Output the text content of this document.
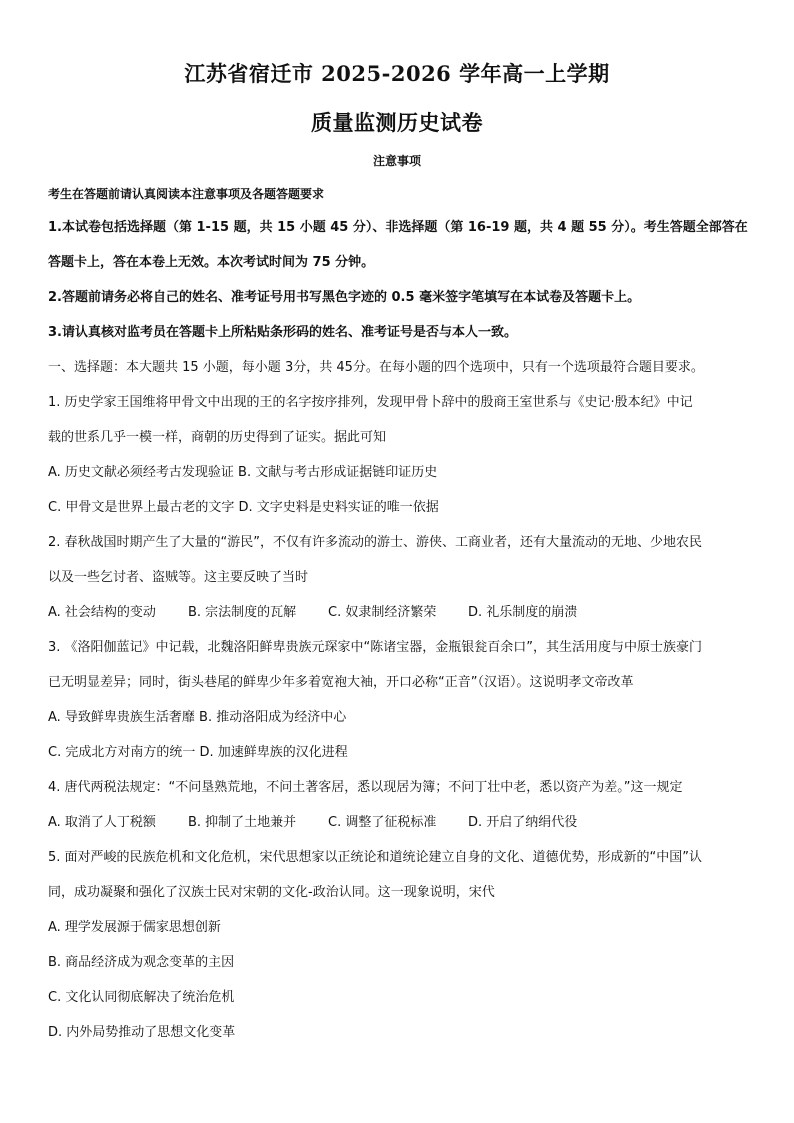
江苏省宿迁市 2025-2026 学年高一上学期
质量监测历史试卷
注意事项
考生在答题前请认真阅读本注意事项及各题答题要求
1.本试卷包括选择题（第 1-15 题，共 15 小题 45 分）、非选择题（第 16-19 题，共 4 题 55 分）。考生答题全部答在
答题卡上，答在本卷上无效。本次考试时间为 75 分钟。
2.答题前请务必将自己的姓名、准考证号用书写黑色字迹的 0.5 毫米签字笔填写在本试卷及答题卡上。
3.请认真核对监考员在答题卡上所粘贴条形码的姓名、准考证号是否与本人一致。
一、选择题：本大题共 15 小题，每小题 3分，共 45分。在每小题的四个选项中，只有一个选项最符合题目要求。
1. 历史学家王国维将甲骨文中出现的王的名字按序排列，发现甲骨卜辞中的殷商王室世系与《史记·殷本纪》中记
载的世系几乎一模一样，商朝的历史得到了证实。据此可知
A. 历史文献必须经考古发现验证 B. 文献与考古形成证据链印证历史
C. 甲骨文是世界上最古老的文字 D. 文字史料是史料实证的唯一依据
2. 春秋战国时期产生了大量的“游民”，不仅有许多流动的游士、游侠、工商业者，还有大量流动的无地、少地农民
以及一些乞讨者、盗贼等。这主要反映了当时
A. 社会结构的变动 B. 宗法制度的瓦解 C. 奴隶制经济繁荣 D. 礼乐制度的崩溃
3. 《洛阳伽蓝记》中记载，北魏洛阳鲜卑贵族元琛家中“陈诸宝器，金瓶银瓮百余口”，其生活用度与中原士族豪门
已无明显差异；同时，街头巷尾的鲜卑少年多着宽袍大袖，开口必称“正音”（汉语）。这说明孝文帝改革
A. 导致鲜卑贵族生活奢靡 B. 推动洛阳成为经济中心
C. 完成北方对南方的统一 D. 加速鲜卑族的汉化进程
4. 唐代两税法规定：“不问垦熟荒地，不问土著客居，悉以现居为簿；不问丁壮中老，悉以资产为差。”这一规定
A. 取消了人丁税额 B. 抑制了土地兼并 C. 调整了征税标准 D. 开启了纳绢代役
5. 面对严峻的民族危机和文化危机，宋代思想家以正统论和道统论建立自身的文化、道德优势，形成新的“中国”认
同，成功凝聚和强化了汉族士民对宋朝的文化-政治认同。这一现象说明，宋代
A. 理学发展源于儒家思想创新
B. 商品经济成为观念变革的主因
C. 文化认同彻底解决了统治危机
D. 内外局势推动了思想文化变革
